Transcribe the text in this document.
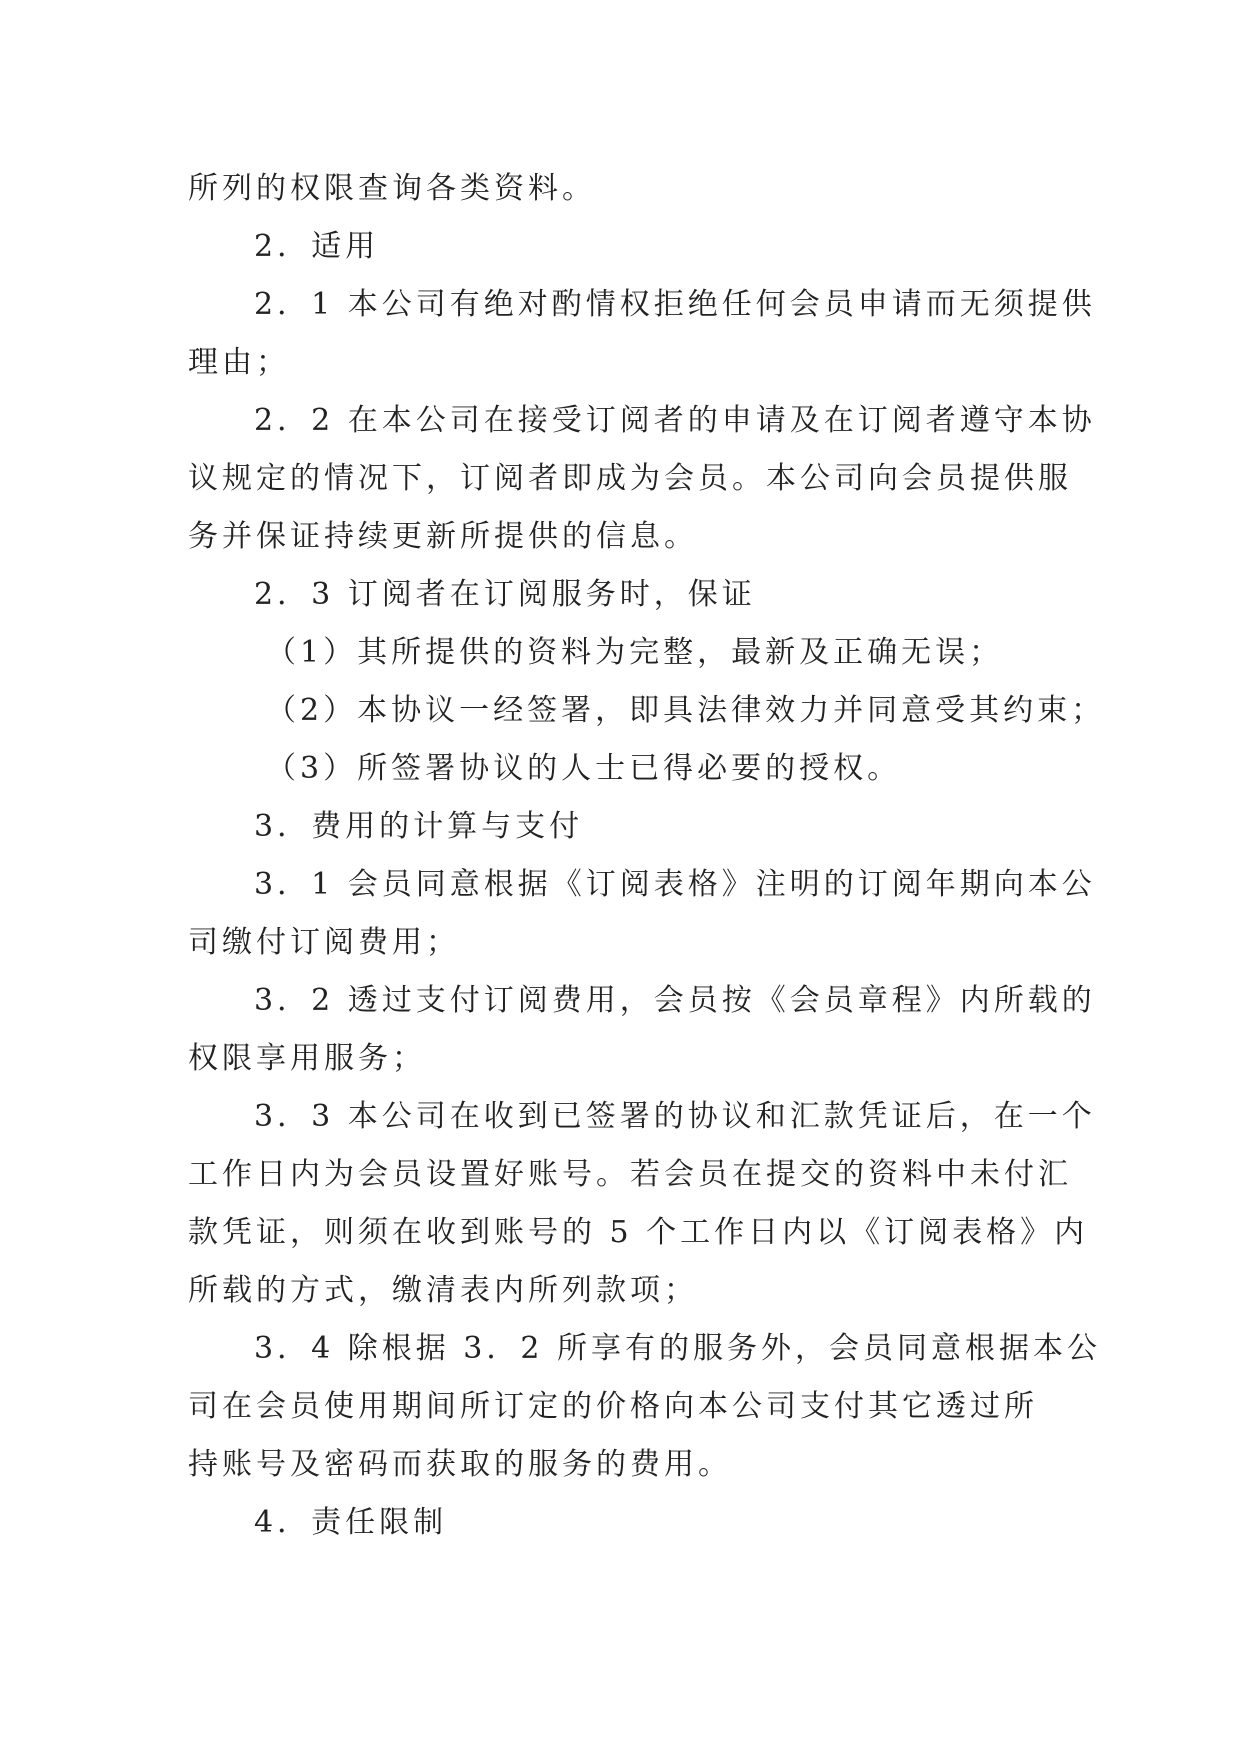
所列的权限查询各类资料。
2．适用
2．1 本公司有绝对酌情权拒绝任何会员申请而无须提供
理由；
2．2 在本公司在接受订阅者的申请及在订阅者遵守本协
议规定的情况下，订阅者即成为会员。本公司向会员提供服
务并保证持续更新所提供的信息。
2．3 订阅者在订阅服务时，保证
（1）其所提供的资料为完整，最新及正确无误；
（2）本协议一经签署，即具法律效力并同意受其约束；
（3）所签署协议的人士已得必要的授权。
3．费用的计算与支付
3．1 会员同意根据《订阅表格》注明的订阅年期向本公
司缴付订阅费用；
3．2 透过支付订阅费用，会员按《会员章程》内所载的
权限享用服务；
3．3 本公司在收到已签署的协议和汇款凭证后，在一个
工作日内为会员设置好账号。若会员在提交的资料中未付汇
款凭证，则须在收到账号的 5 个工作日内以《订阅表格》内
所载的方式，缴清表内所列款项；
3．4 除根据 3．2 所享有的服务外，会员同意根据本公
司在会员使用期间所订定的价格向本公司支付其它透过所
持账号及密码而获取的服务的费用。
4．责任限制
